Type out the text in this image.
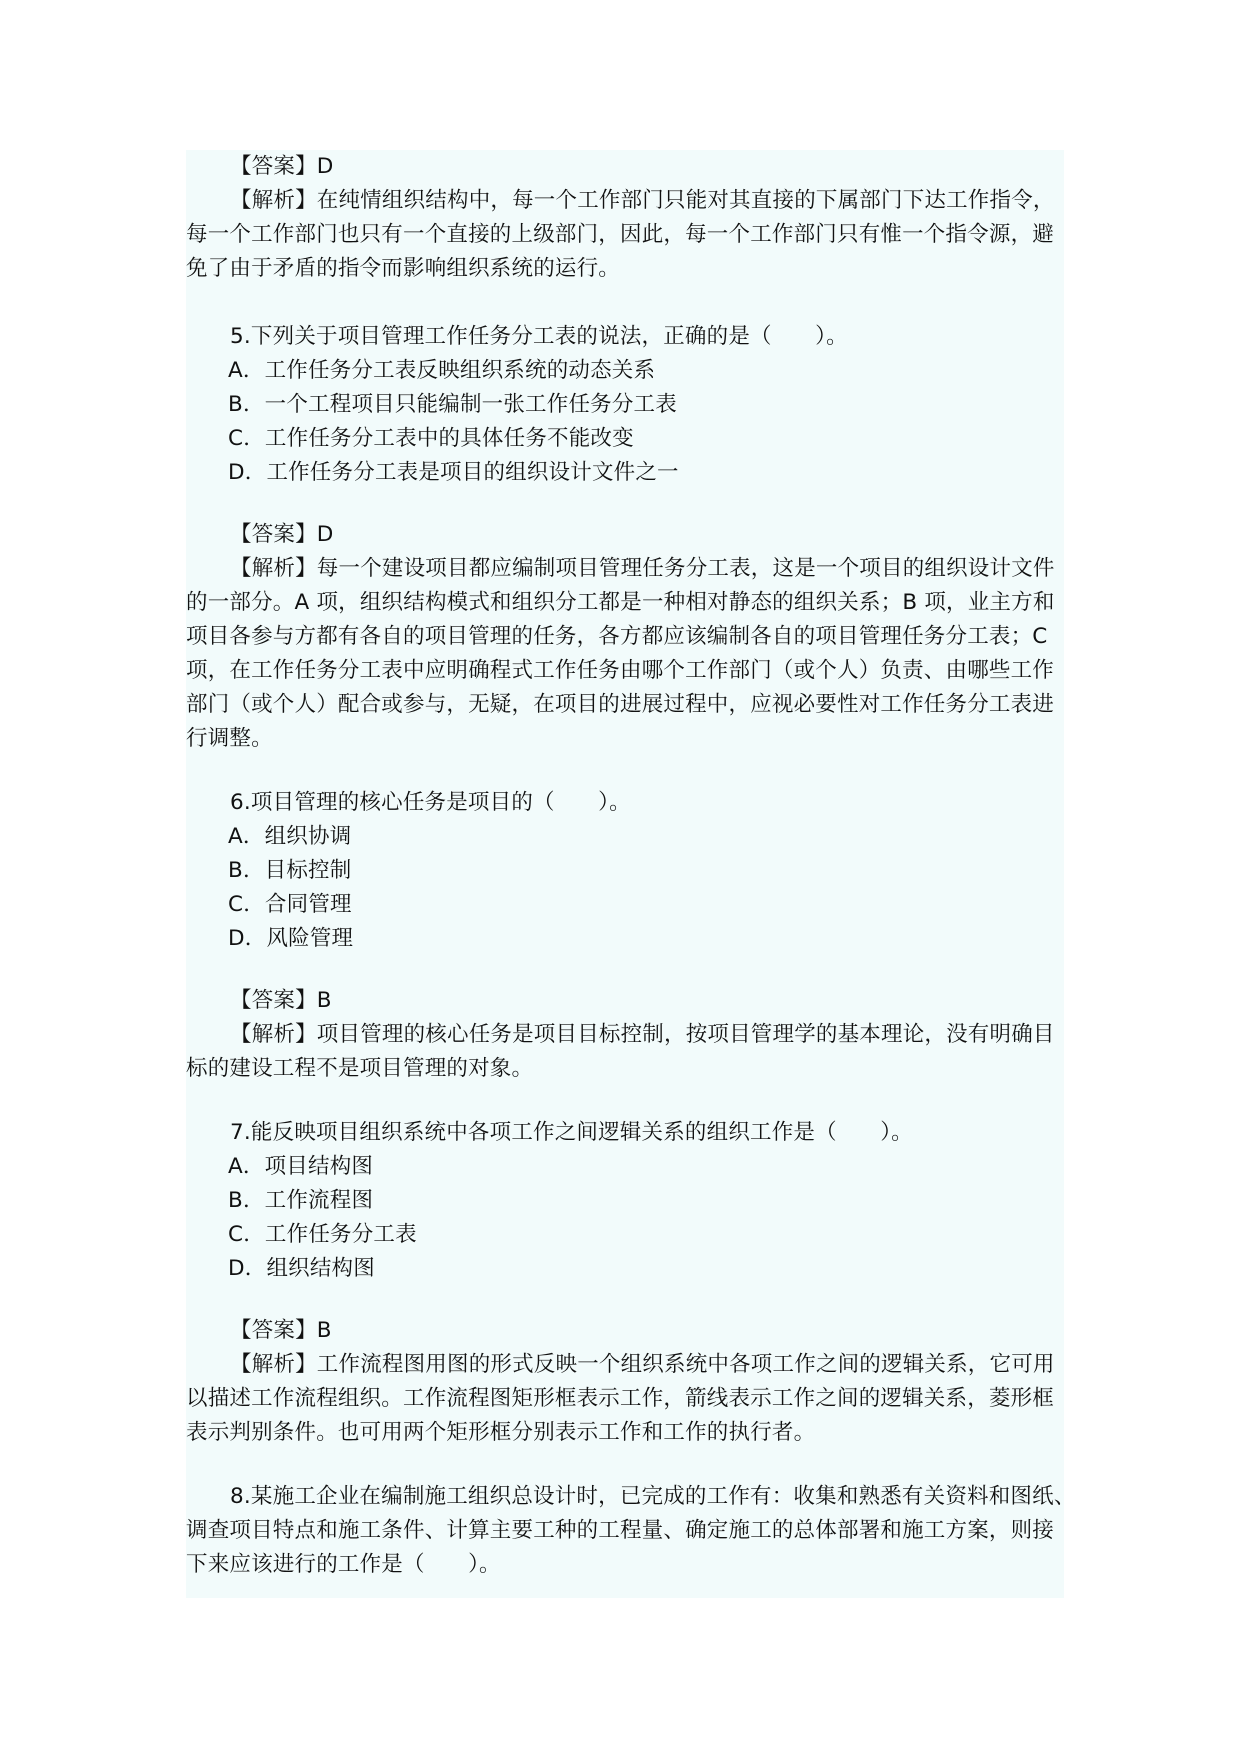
【答案】D
【解析】在纯情组织结构中，每一个工作部门只能对其直接的下属部门下达工作指令，
每一个工作部门也只有一个直接的上级部门，因此，每一个工作部门只有惟一个指令源，避
免了由于矛盾的指令而影响组织系统的运行。
5.下列关于项目管理工作任务分工表的说法，正确的是（　　）。
A．工作任务分工表反映组织系统的动态关系
B．一个工程项目只能编制一张工作任务分工表
C．工作任务分工表中的具体任务不能改变
D．工作任务分工表是项目的组织设计文件之一
【答案】D
【解析】每一个建设项目都应编制项目管理任务分工表，这是一个项目的组织设计文件
的一部分。A 项，组织结构模式和组织分工都是一种相对静态的组织关系；B 项，业主方和
项目各参与方都有各自的项目管理的任务，各方都应该编制各自的项目管理任务分工表；C
项，在工作任务分工表中应明确程式工作任务由哪个工作部门（或个人）负责、由哪些工作
部门（或个人）配合或参与，无疑，在项目的进展过程中，应视必要性对工作任务分工表进
行调整。
6.项目管理的核心任务是项目的（　　）。
A．组织协调
B．目标控制
C．合同管理
D．风险管理
【答案】B
【解析】项目管理的核心任务是项目目标控制，按项目管理学的基本理论，没有明确目
标的建设工程不是项目管理的对象。
7.能反映项目组织系统中各项工作之间逻辑关系的组织工作是（　　）。
A．项目结构图
B．工作流程图
C．工作任务分工表
D．组织结构图
【答案】B
【解析】工作流程图用图的形式反映一个组织系统中各项工作之间的逻辑关系，它可用
以描述工作流程组织。工作流程图矩形框表示工作，箭线表示工作之间的逻辑关系，菱形框
表示判别条件。也可用两个矩形框分别表示工作和工作的执行者。
8.某施工企业在编制施工组织总设计时，已完成的工作有：收集和熟悉有关资料和图纸、
调查项目特点和施工条件、计算主要工种的工程量、确定施工的总体部署和施工方案，则接
下来应该进行的工作是（　　）。
